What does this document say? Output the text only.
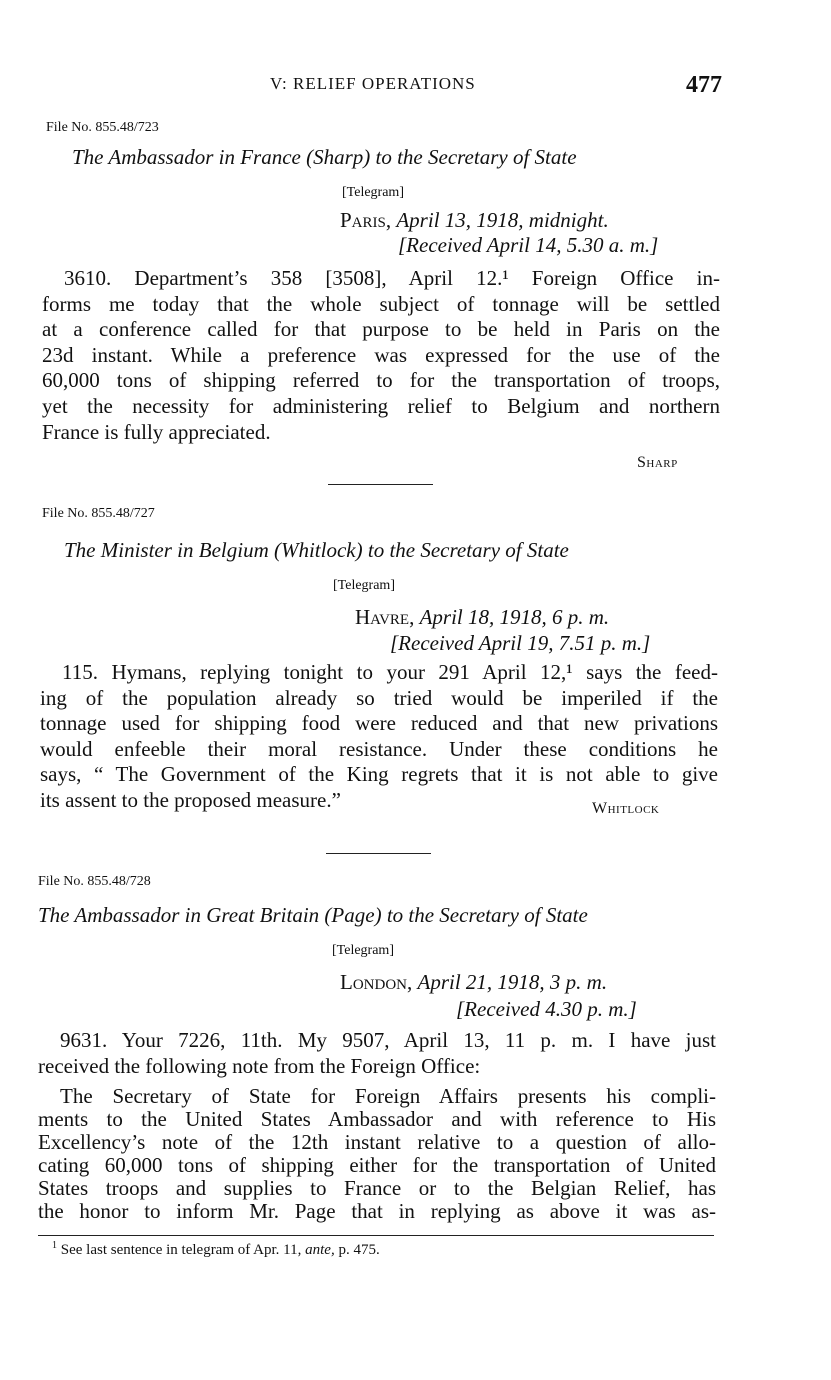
V: RELIEF OPERATIONS	477
File No. 855.48/723
The Ambassador in France (Sharp) to the Secretary of State
[Telegram]
Paris, April 13, 1918, midnight.
[Received April 14, 5.30 a. m.]
3610. Department’s 358 [3508], April 12.¹ Foreign Office in-
forms me today that the whole subject of tonnage will be settled
at a conference called for that purpose to be held in Paris on the
23d instant. While a preference was expressed for the use of the
60,000 tons of shipping referred to for the transportation of troops,
yet the necessity for administering relief to Belgium and northern
France is fully appreciated.
Sharp
File No. 855.48/727
The Minister in Belgium (Whitlock) to the Secretary of State
[Telegram]
Havre, April 18, 1918, 6 p. m.
[Received April 19, 7.51 p. m.]
115. Hymans, replying tonight to your 291 April 12,¹ says the feed-
ing of the population already so tried would be imperiled if the
tonnage used for shipping food were reduced and that new privations
would enfeeble their moral resistance. Under these conditions he
says, “ The Government of the King regrets that it is not able to give
its assent to the proposed measure.”	Whitlock
File No. 855.48/728
The Ambassador in Great Britain (Page) to the Secretary of State
[Telegram]
London, April 21, 1918, 3 p. m.
[Received 4.30 p. m.]
9631. Your 7226, 11th. My 9507, April 13, 11 p. m. I have just
received the following note from the Foreign Office:
The Secretary of State for Foreign Affairs presents his compli-
ments to the United States Ambassador and with reference to His
Excellency’s note of the 12th instant relative to a question of allo-
cating 60,000 tons of shipping either for the transportation of United
States troops and supplies to France or to the Belgian Relief, has
the honor to inform Mr. Page that in replying as above it was as-
$^1$ See last sentence in telegram of Apr. 11, ante, p. 475.
